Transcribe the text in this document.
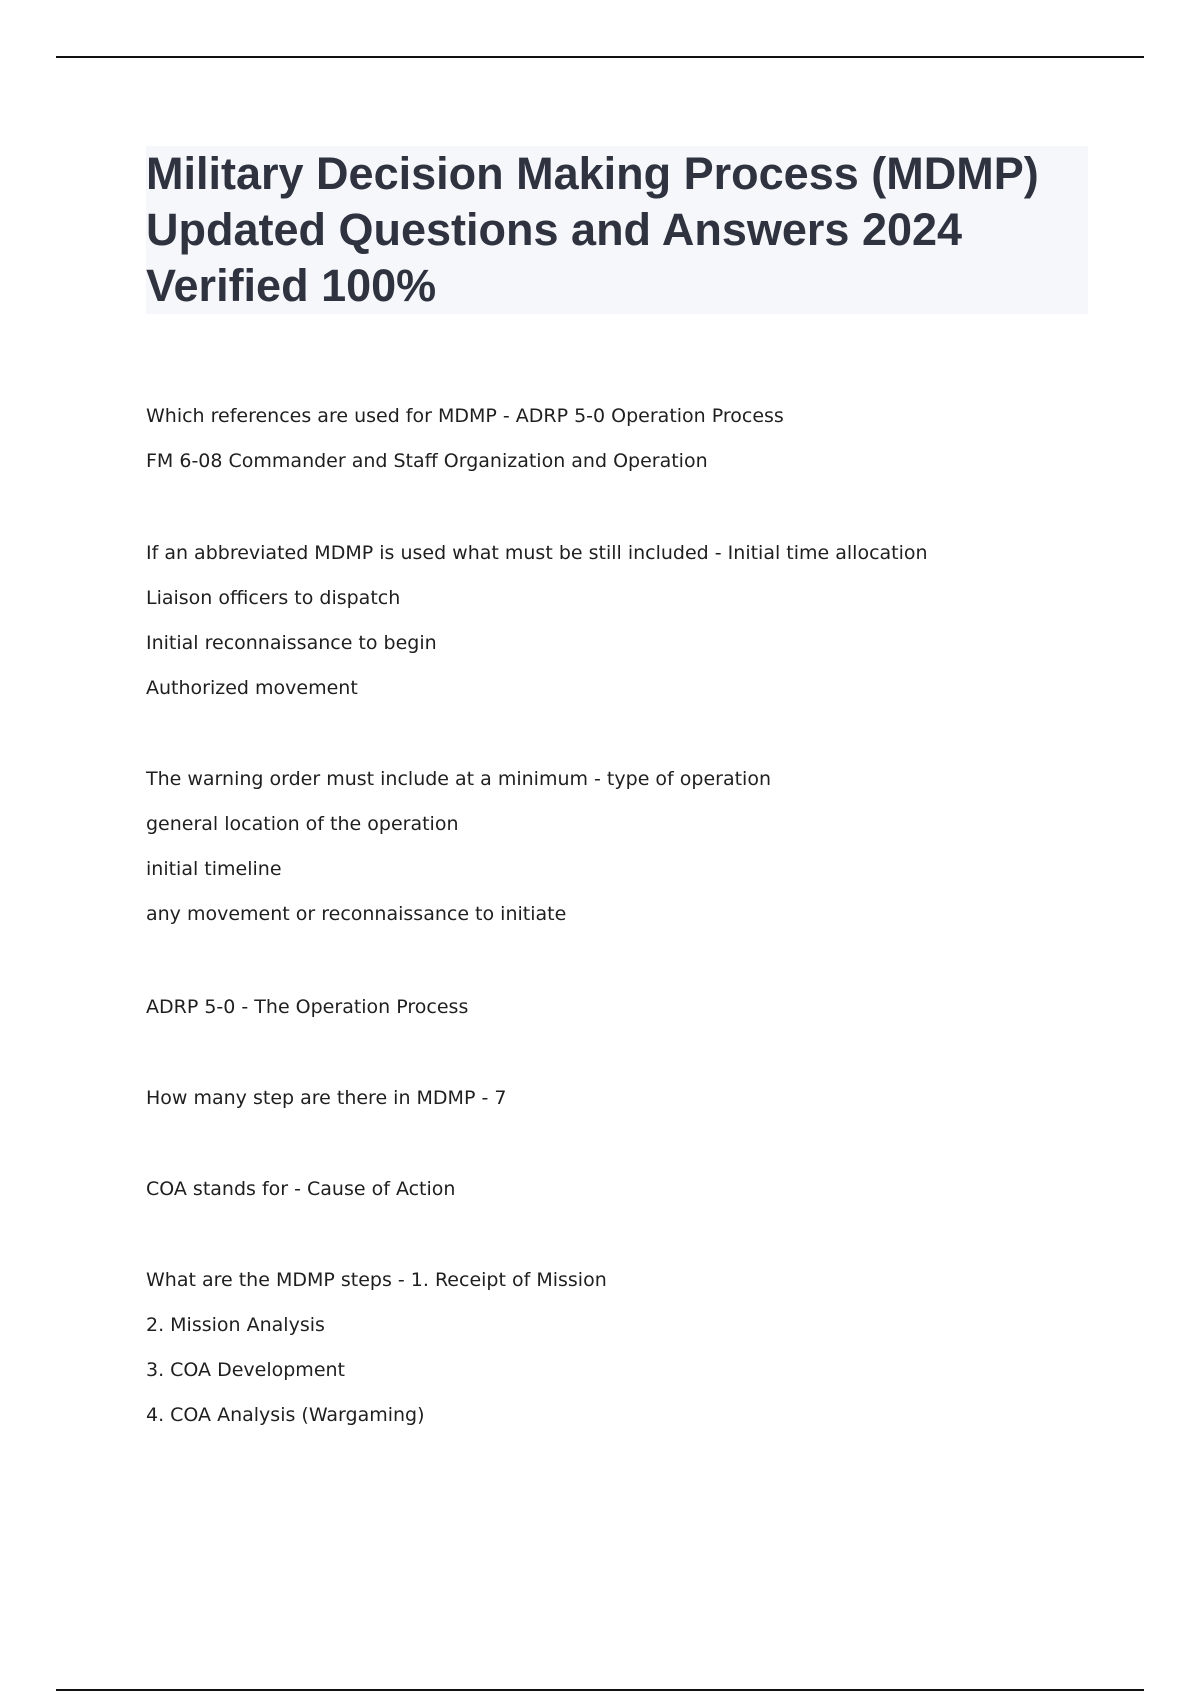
Military Decision Making Process (MDMP) Updated Questions and Answers 2024 Verified 100%
Which references are used for MDMP - ADRP 5-0 Operation Process
FM 6-08 Commander and Staff Organization and Operation
If an abbreviated MDMP is used what must be still included - Initial time allocation
Liaison officers to dispatch
Initial reconnaissance to begin
Authorized movement
The warning order must include at a minimum - type of operation
general location of the operation
initial timeline
any movement or reconnaissance to initiate
ADRP 5-0 - The Operation Process
How many step are there in MDMP - 7
COA stands for - Cause of Action
What are the MDMP steps - 1. Receipt of Mission
2. Mission Analysis
3. COA Development
4. COA Analysis (Wargaming)
